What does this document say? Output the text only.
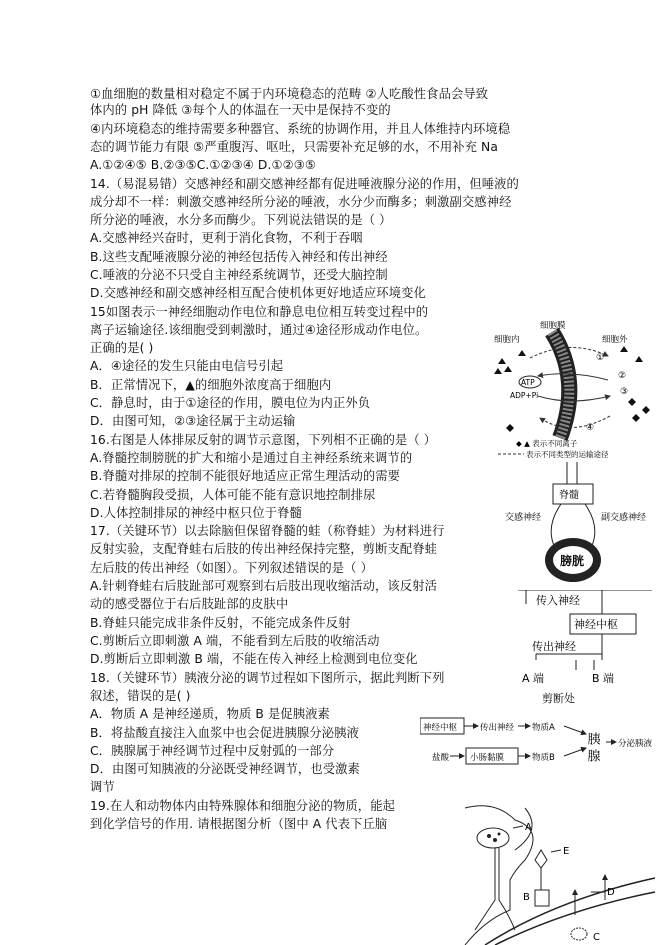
①血细胞的数量相对稳定不属于内环境稳态的范畴 ②人吃酸性食品会导致
体内的 pH 降低 ③每个人的体温在一天中是保持不变的
④内环境稳态的维持需要多种器官、系统的协调作用，并且人体维持内环境稳
态的调节能力有限 ⑤严重腹泻、呕吐，只需要补充足够的水，不用补充 Na
A.①②④⑤ B.②③⑤C.①②③④ D.①②③⑤
14.（易混易错）交感神经和副交感神经都有促进唾液腺分泌的作用，但唾液的
成分却不一样：刺激交感神经所分泌的唾液，水分少而酶多；刺激副交感神经
所分泌的唾液，水分多而酶少。下列说法错误的是（ ）
A.交感神经兴奋时，更利于消化食物，不利于吞咽
B.这些支配唾液腺分泌的神经包括传入神经和传出神经
C.唾液的分泌不只受自主神经系统调节，还受大脑控制
D.交感神经和副交感神经相互配合使机体更好地适应环境变化
15如图表示一神经细胞动作电位和静息电位相互转变过程中的
离子运输途径.该细胞受到刺激时，通过④途径形成动作电位。
正确的是( )
A．④途径的发生只能由电信号引起
B．正常情况下，▲的细胞外浓度高于细胞内
C．静息时，由于①途径的作用，膜电位为内正外负
D．由图可知，②③途径属于主动运输
16.右图是人体排尿反射的调节示意图，下列相不正确的是（ ）
A.脊髓控制膀胱的扩大和缩小是通过自主神经系统来调节的
B.脊髓对排尿的控制不能很好地适应正常生理活动的需要
C.若脊髓胸段受损，人体可能不能有意识地控制排尿
D.人体控制排尿的神经中枢只位于脊髓
17.（关键环节）以去除脑但保留脊髓的蛙（称脊蛙）为材料进行
反射实验，支配脊蛙右后肢的传出神经保持完整，剪断支配脊蛙
左后肢的传出神经（如图）。下列叙述错误的是（ ）
A.针刺脊蛙右后肢趾部可观察到右后肢出现收缩活动，该反射活
动的感受器位于右后肢趾部的皮肤中
B.脊蛙只能完成非条件反射，不能完成条件反射
C.剪断后立即刺激 A 端，不能看到左后肢的收缩活动
D.剪断后立即刺激 B 端，不能在传入神经上检测到电位变化
18.（关键环节）胰液分泌的调节过程如下图所示，据此判断下列
叙述，错误的是( )
A．物质 A 是神经递质，物质 B 是促胰液素
B．将盐酸直接注入血浆中也会促进胰腺分泌胰液
C．胰腺属于神经调节过程中反射弧的一部分
D．由图可知胰液的分泌既受神经调节，也受激素
调节
19.在人和动物体内由特殊腺体和细胞分泌的物质，能起
到化学信号的作用. 请根据图分析（图中 A 代表下丘脑
细胞膜
细胞内	细胞外
ATP
ADP+Pi
①
②
③
④
◆ ▲ 表示不同离子
表示不同类型的运输途径
脊髓
交感神经	副交感神经
膀胱
传入神经
神经中枢
传出神经
A 端	B 端
剪断处
神经中枢	传出神经 物质A
盐酸 小肠黏膜	物质B 胰 腺 分泌胰液
A
E
B	D
C
